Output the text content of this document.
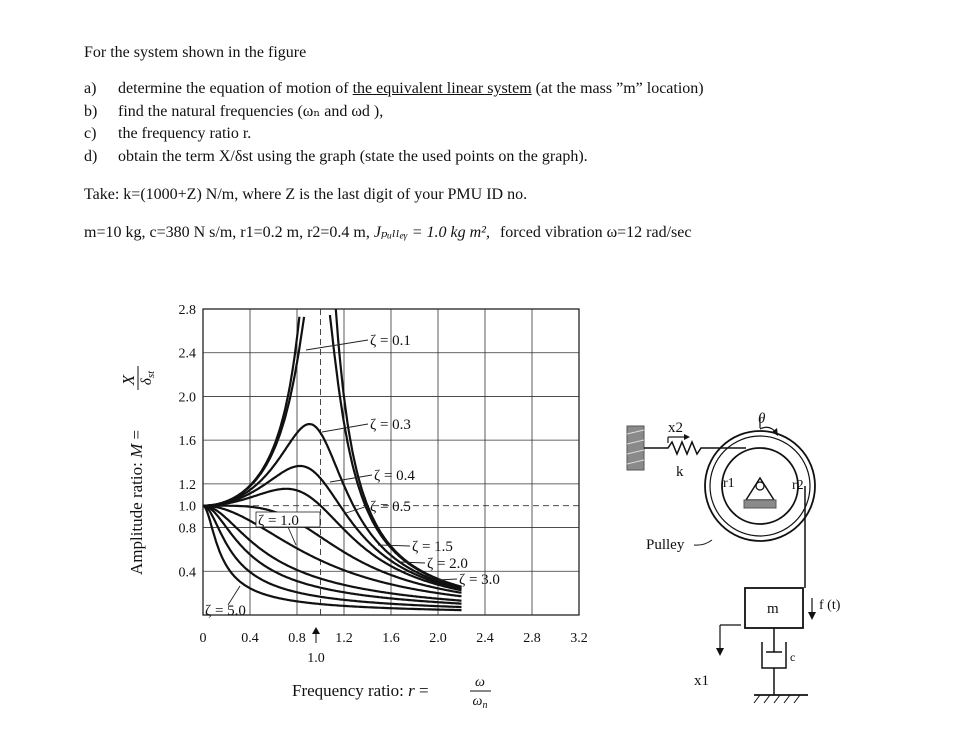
For the system shown in the figure
a)	determine the equation of motion of the equivalent linear system (at the mass ”m” location)
b)	find the natural frequencies (ωₙ and ωd ),
c)	the frequency ratio r.
d)	obtain the term X/δst using the graph (state the used points on the graph).
Take: k=(1000+Z) N/m, where Z is the last digit of your PMU ID no.
m=10 kg, c=380 N s/m, r1=0.2 m, r2=0.4 m, Jₚᵤₗₗₑᵧ = 1.0 kg m², forced vibration ω=12 rad/sec
0 0.4 0.8 1.2 1.6 2.0 2.4 2.8 3.2
2.8
2.4
2.0
1.6
1.2
1.0
0.8
0.4
1.0
ζ = 0.1
ζ = 0.3
ζ = 0.4
ζ = 0.5
ζ = 1.0
ζ = 1.5
ζ = 2.0
ζ = 3.0
ζ = 5.0
Amplitude ratio: M =
X $\delta_{st}$
Frequency ratio: r =	ω
$\omega_n$
x2
θ
k
r1	r2
Pulley
m	f (t)
c
x1
